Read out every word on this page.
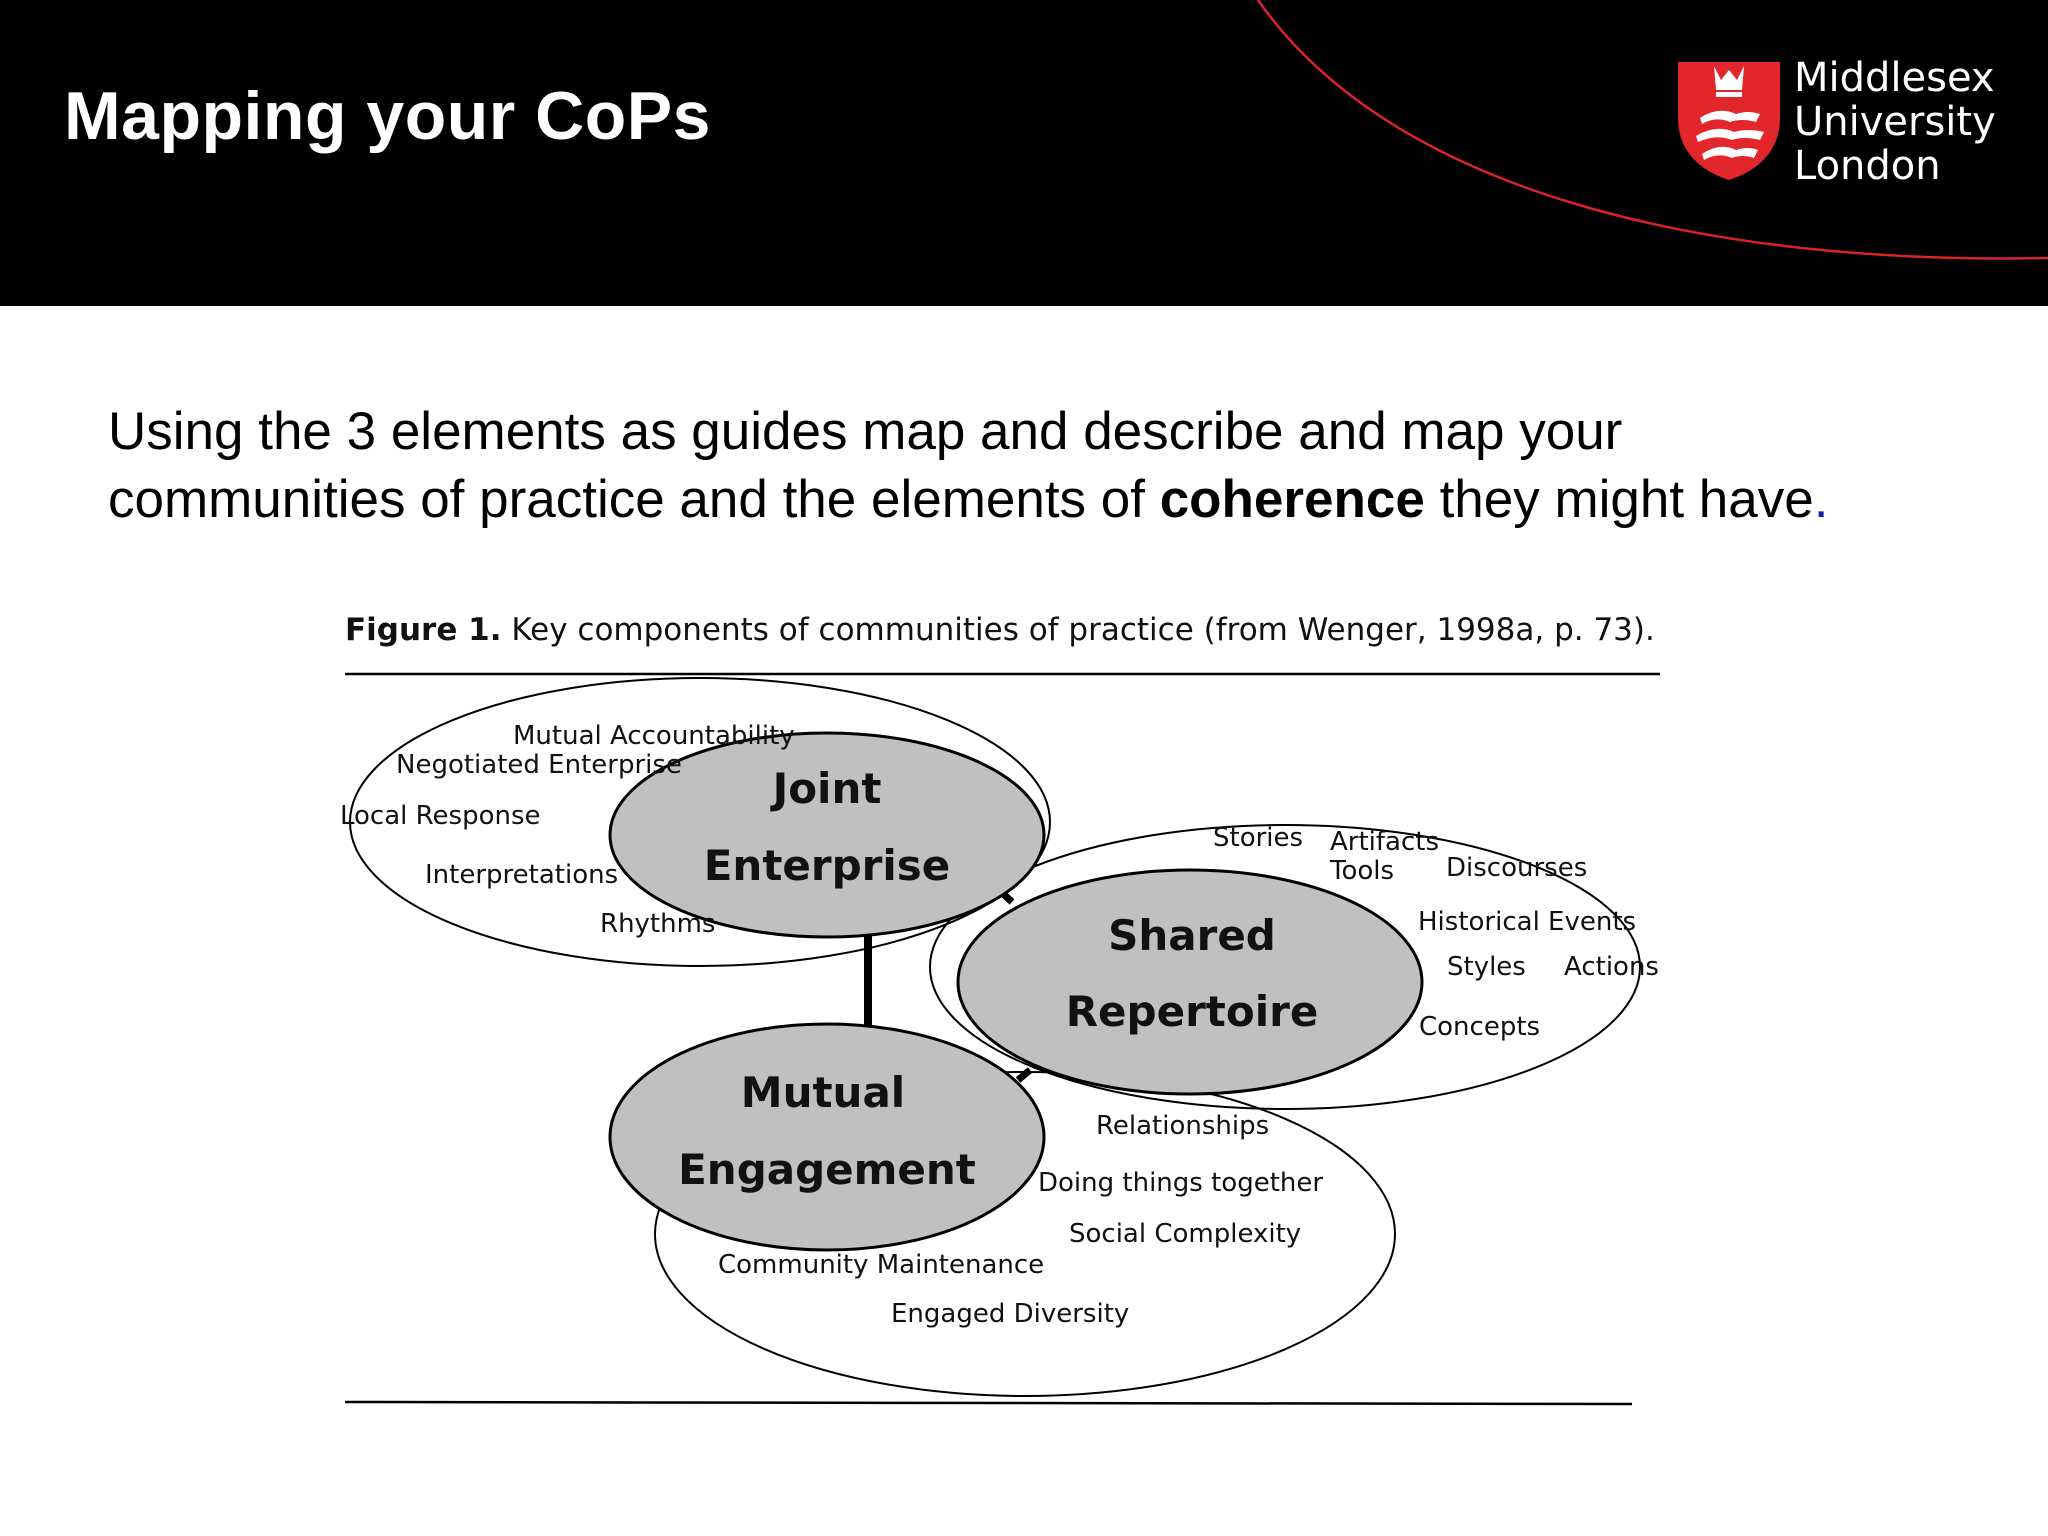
Mapping your CoPs	Middlesex
University
London

Using the 3 elements as guides map and describe and map your communities of practice and the elements of coherence they might have.

Figure 1. Key components of communities of practice (from Wenger, 1998a, p. 73).
Joint
Enterprise
Shared
Repertoire
Mutual
Engagement
Mutual Accountability
Negotiated Enterprise
Local Response
Interpretations
Rhythms
Stories Artifacts
Tools Discourses
Historical Events
Styles Actions
Concepts
Relationships
Doing things together
Social Complexity
Community Maintenance
Engaged Diversity
